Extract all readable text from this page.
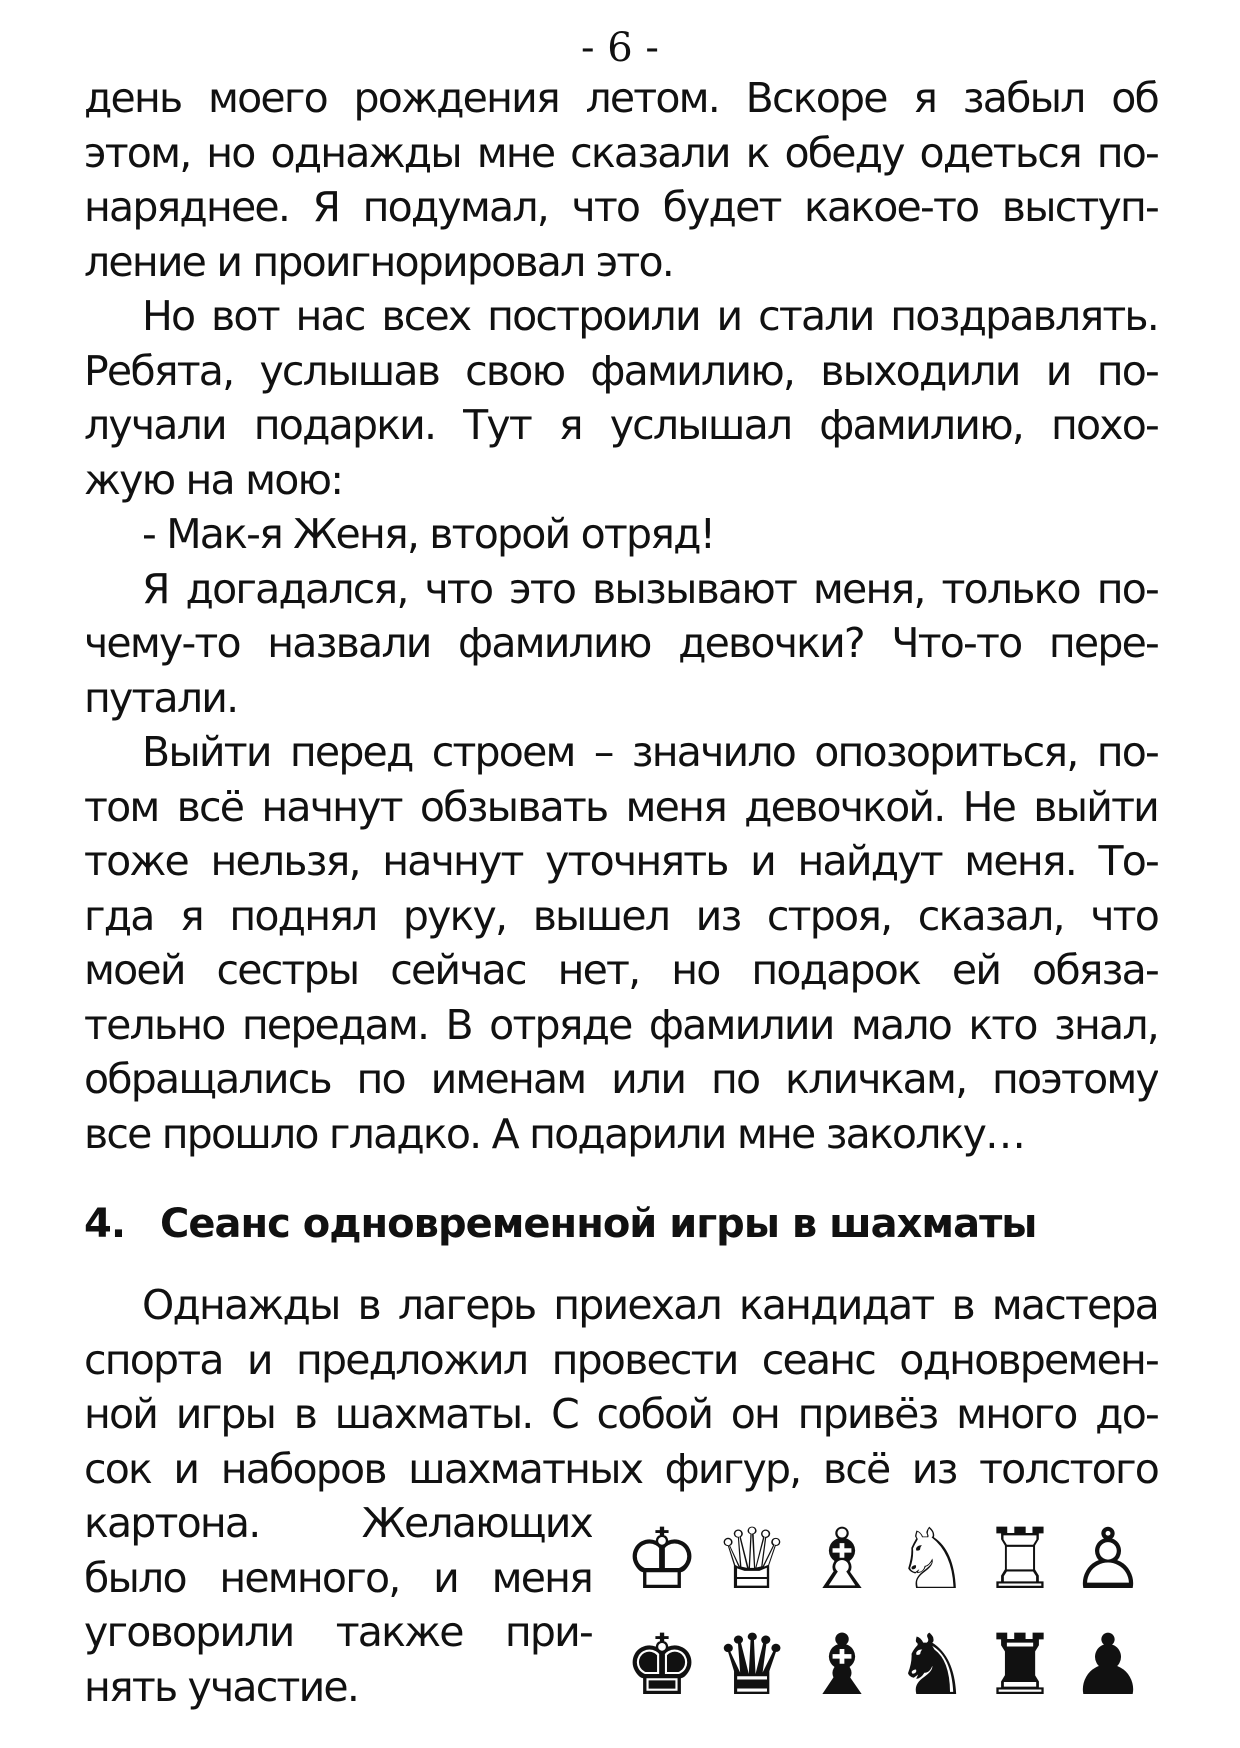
- 6 -
день моего рождения летом. Вскоре я забыл об
этом, но однажды мне сказали к обеду одеться по-
наряднее. Я подумал, что будет какое-то выступ-
ление и проигнорировал это.
Но вот нас всех построили и стали поздравлять.
Ребята, услышав свою фамилию, выходили и по-
лучали подарки. Тут я услышал фамилию, похо-
жую на мою:
- Мак-я Женя, второй отряд!
Я догадался, что это вызывают меня, только по-
чему-то назвали фамилию девочки? Что-то пере-
путали.
Выйти перед строем – значило опозориться, по-
том всё начнут обзывать меня девочкой. Не выйти
тоже нельзя, начнут уточнять и найдут меня. То-
гда я поднял руку, вышел из строя, сказал, что
моей сестры сейчас нет, но подарок ей обяза-
тельно передам. В отряде фамилии мало кто знал,
обращались по именам или по кличкам, поэтому
все прошло гладко. А подарили мне заколку…
4. Сеанс одновременной игры в шахматы
Однажды в лагерь приехал кандидат в мастера
спорта и предложил провести сеанс одновремен-
ной игры в шахматы. С собой он привёз много до-
сок и наборов шахматных фигур, всё из толстого
картона.     Желающих
было немного, и меня
уговорили также при-
нять участие.
♔ ♕ ♗ ♘ ♖ ♙
♚ ♛ ♝ ♞ ♜ ♟
